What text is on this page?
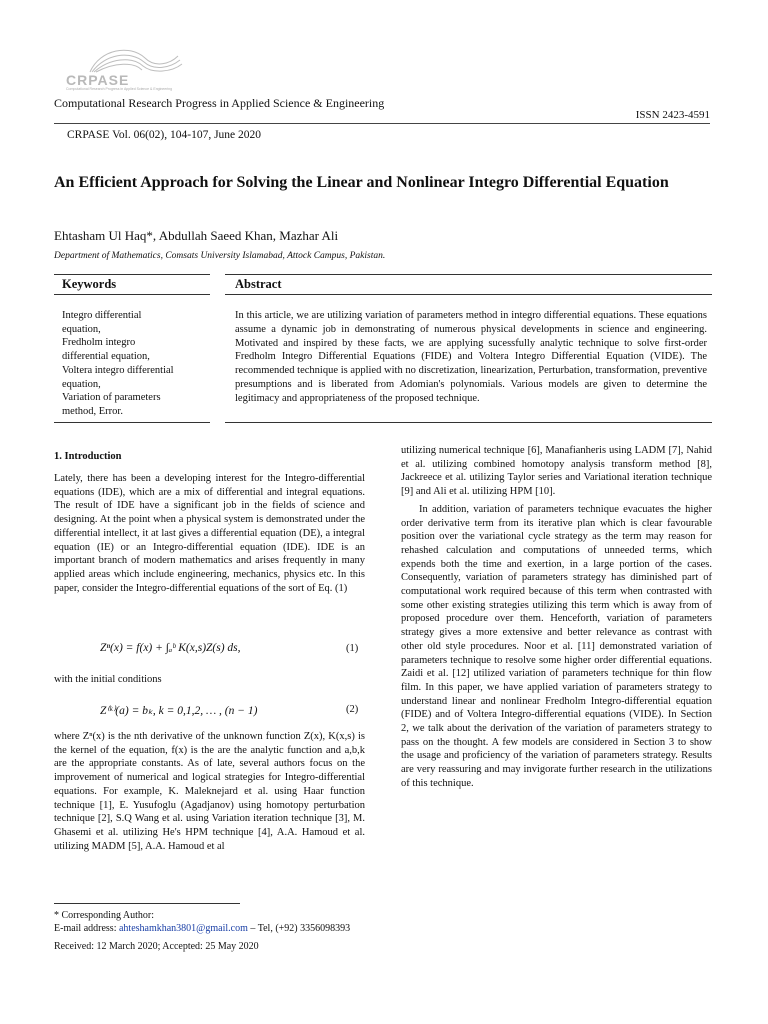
CRPASE
Computational Research Progress in Applied Science & Engineering
Computational Research Progress in Applied Science & Engineering
ISSN 2423-4591
CRPASE Vol. 06(02), 104-107, June 2020
An Efficient Approach for Solving the Linear and Nonlinear Integro Differential Equation
Ehtasham Ul Haq*, Abdullah Saeed Khan, Mazhar Ali
Department of Mathematics, Comsats University Islamabad, Attock Campus, Pakistan.
Keywords	Abstract
Integro differential
equation,
Fredholm integro
differential equation,
Voltera integro differential
equation,
Variation of parameters
method, Error.
In this article, we are utilizing variation of parameters method in integro differential equations. These equations assume a dynamic job in demonstrating of numerous physical developments in science and engineering. Motivated and inspired by these facts, we are applying sucessfully analytic technique to solve first-order Fredholm Integro Differential Equations (FIDE) and Voltera Integro Differential Equation (VIDE). The recommended technique is applied with no discretization, linearization, Perturbation, transformation, preventive presumptions and is liberated from Adomian's polynomials. Various models are given to determine the legitimacy and appropriateness of the proposed technique.
1. Introduction

Lately, there has been a developing interest for the Integro-differential equations (IDE), which are a mix of differential and integral equations. The result of IDE have a significant job in the fields of science and designing. At the point when a physical system is demonstrated under the differential intellect, it at last gives a differential equation (DE), a integral equation (IE) or an Integro-differential equation (IDE). IDE is an important branch of modern mathematics and arises frequently in many applied areas which include engineering, mechanics, physics etc. In this paper, consider the Integro-differential equations of the sort of Eq. (1)

Zⁿ(x) = f(x) + ∫ₐᵇ K(x,s)Z(s) ds,	(1)
with the initial conditions
Z⁽ᵏ⁾(a) = bₖ, k = 0,1,2, … , (n − 1)	(2)

where Zⁿ(x) is the nth derivative of the unknown function Z(x), K(x,s) is the kernel of the equation, f(x) is the are the analytic function and a,b,k are the appropriate constants. As of late, several authors focus on the improvement of numerical and logical strategies for Integro-differential equations. For example, K. Maleknejard et al. using Haar function technique [1], E. Yusufoglu (Agadjanov) using homotopy perturbation technique [2], S.Q Wang et al. using Variation iteration technique [3], M. Ghasemi et al. utilizing He's HPM technique [4], A.A. Hamoud et al. utilizing MADM [5], A.A. Hamoud et al

utilizing numerical technique [6], Manafianheris using LADM [7], Nahid et al. utilizing combined homotopy analysis transform method [8], Jackreece et al. utilizing Taylor series and Variational iteration technique [9] and Ali et al. utilizing HPM [10].

In addition, variation of parameters technique evacuates the higher order derivative term from its iterative plan which is clear favourable position over the variational cycle strategy as the term may reason for rehashed calculation and computations of unneeded terms, which expends both the time and exertion, in a large portion of the cases. Consequently, variation of parameters strategy has diminished part of computational work required because of this term when contrasted with some other existing strategies utilizing this term which is away from of proposed procedure over them. Henceforth, variation of parameters strategy gives a more extensive and better relevance as contrast with other old style procedures. Noor et al. [11] demonstrated variation of parameters technique to resolve some higher order differential equations. Zaidi et al. [12] utilized variation of parameters technique for thin flow film. In this paper, we have applied variation of parameters strategy to understand linear and nonlinear Fredholm Integro-differential equation (FIDE) and of Voltera Integro-differential equations (VIDE). In Section 2, we talk about the derivation of the variation of parameters strategy to pass on the thought. A few models are considered in Section 3 to show the usage and proficiency of the variation of parameters strategy. Results are very reassuring and may invigorate further research in the utilizations of this technique.

* Corresponding Author:
E-mail address: ahteshamkhan3801@gmail.com – Tel, (+92) 3356098393
Received: 12 March 2020; Accepted: 25 May 2020
